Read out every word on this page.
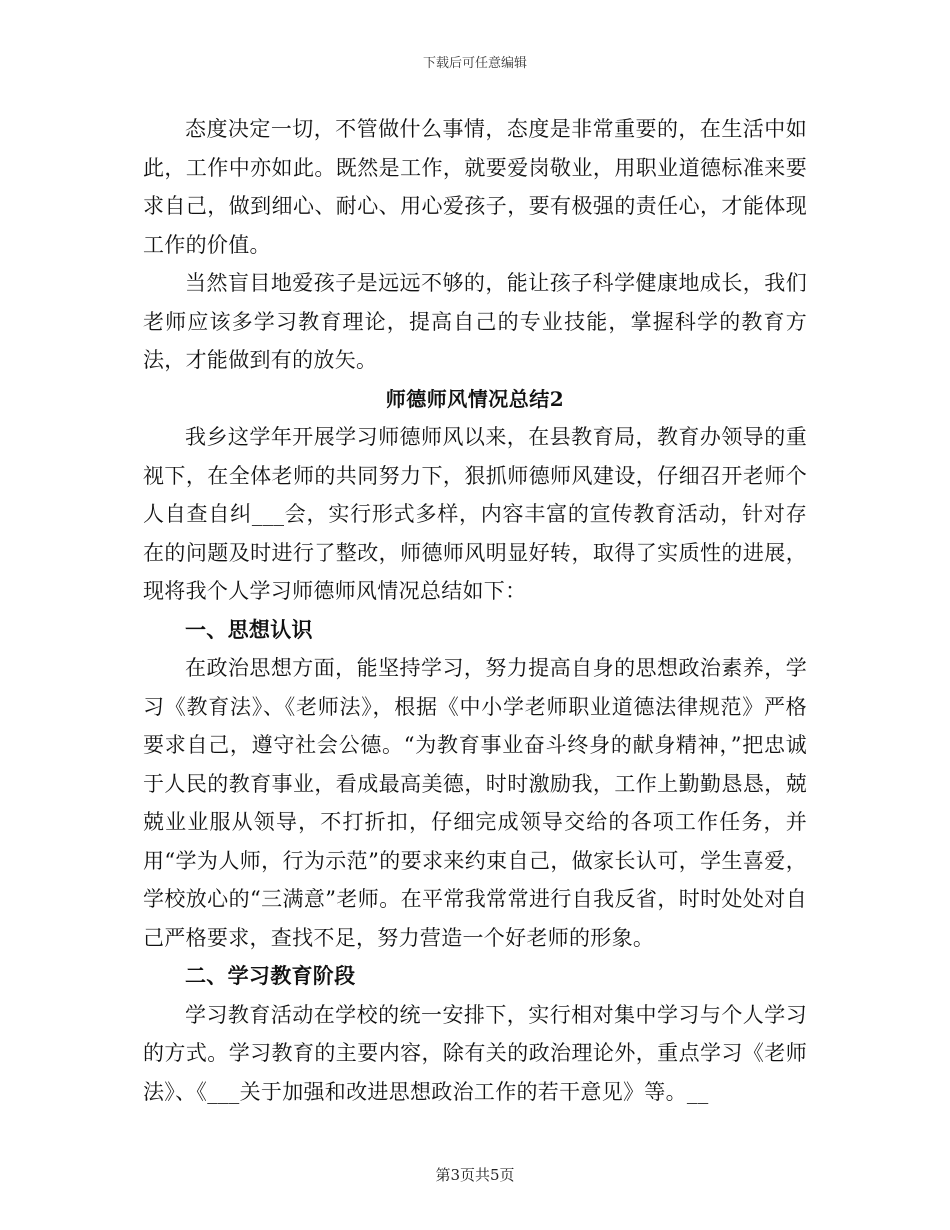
下载后可任意编辑

态度决定一切，不管做什么事情，态度是非常重要的，在生活中如此，工作中亦如此。既然是工作，就要爱岗敬业，用职业道德标准来要求自己，做到细心、耐心、用心爱孩子，要有极强的责任心，才能体现工作的价值。

当然盲目地爱孩子是远远不够的，能让孩子科学健康地成长，我们老师应该多学习教育理论，提高自己的专业技能，掌握科学的教育方法，才能做到有的放矢。

师德师风情况总结2

我乡这学年开展学习师德师风以来，在县教育局，教育办领导的重视下，在全体老师的共同努力下，狠抓师德师风建设，仔细召开老师个人自查自纠___会，实行形式多样，内容丰富的宣传教育活动，针对存在的问题及时进行了整改，师德师风明显好转，取得了实质性的进展，现将我个人学习师德师风情况总结如下：

一、思想认识

在政治思想方面，能坚持学习，努力提高自身的思想政治素养，学习《教育法》、《老师法》，根据《中小学老师职业道德法律规范》严格要求自己，遵守社会公德。“为教育事业奋斗终身的献身精神，”把忠诚于人民的教育事业，看成最高美德，时时激励我，工作上勤勤恳恳，兢兢业业服从领导，不打折扣，仔细完成领导交给的各项工作任务，并用“学为人师，行为示范”的要求来约束自己，做家长认可，学生喜爱，学校放心的“三满意”老师。在平常我常常进行自我反省，时时处处对自己严格要求，查找不足，努力营造一个好老师的形象。

二、学习教育阶段

学习教育活动在学校的统一安排下，实行相对集中学习与个人学习的方式。学习教育的主要内容，除有关的政治理论外，重点学习《老师法》、《___关于加强和改进思想政治工作的若干意见》等。__

第3页共5页
